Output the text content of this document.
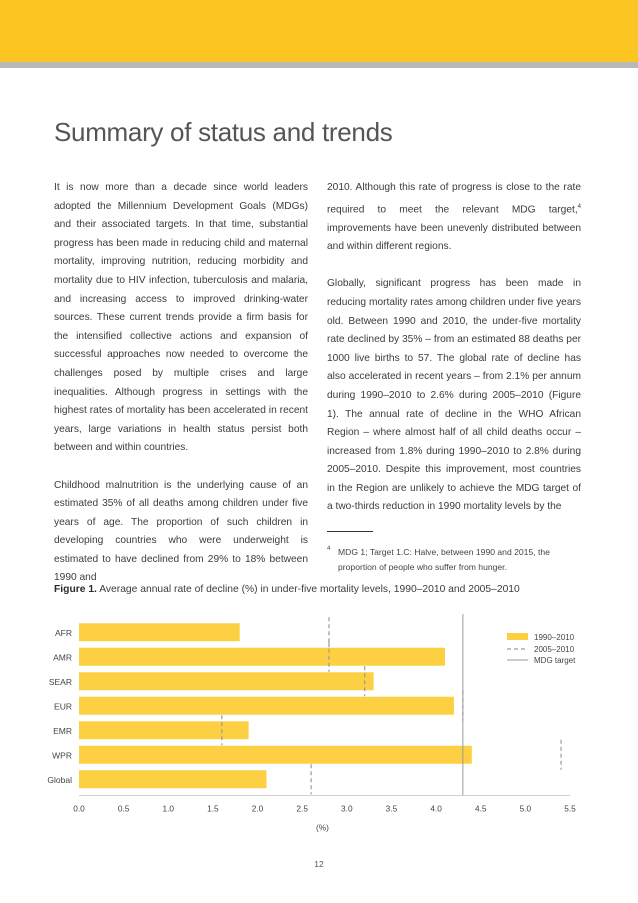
Summary of status and trends

It is now more than a decade since world leaders adopted the Millennium Development Goals (MDGs) and their associated targets. In that time, substantial progress has been made in reducing child and maternal mortality, improving nutrition, reducing morbidity and mortality due to HIV infection, tuberculosis and malaria, and increasing access to improved drinking-water sources. These current trends provide a firm basis for the intensified collective actions and expansion of successful approaches now needed to overcome the challenges posed by multiple crises and large inequalities. Although progress in settings with the highest rates of mortality has been accelerated in recent years, large variations in health status persist both between and within countries.

Childhood malnutrition is the underlying cause of an estimated 35% of all deaths among children under five years of age. The proportion of such children in developing countries who were underweight is estimated to have declined from 29% to 18% between 1990 and

2010. Although this rate of progress is close to the rate required to meet the relevant MDG target,$^4$ improvements have been unevenly distributed between and within different regions.

Globally, significant progress has been made in reducing mortality rates among children under five years old. Between 1990 and 2010, the under-five mortality rate declined by 35% – from an estimated 88 deaths per 1000 live births to 57. The global rate of decline has also accelerated in recent years – from 2.1% per annum during 1990–2010 to 2.6% during 2005–2010 (Figure 1). The annual rate of decline in the WHO African Region – where almost half of all child deaths occur – increased from 1.8% during 1990–2010 to 2.8% during 2005–2010. Despite this improvement, most countries in the Region are unlikely to achieve the MDG target of a two-thirds reduction in 1990 mortality levels by the

4 MDG 1; Target 1.C: Halve, between 1990 and 2015, the proportion of people who suffer from hunger.

Figure 1. Average annual rate of decline (%) in under-five mortality levels, 1990–2010 and 2005–2010

AFR
AMR
SEAR
EUR
EMR
WPR
Global
0.0	0.5	1.0	1.5	2.0	2.5	3.0	3.5	4.0	4.5	5.0	5.5
(%)
1990–2010
2005–2010
MDG target
12
